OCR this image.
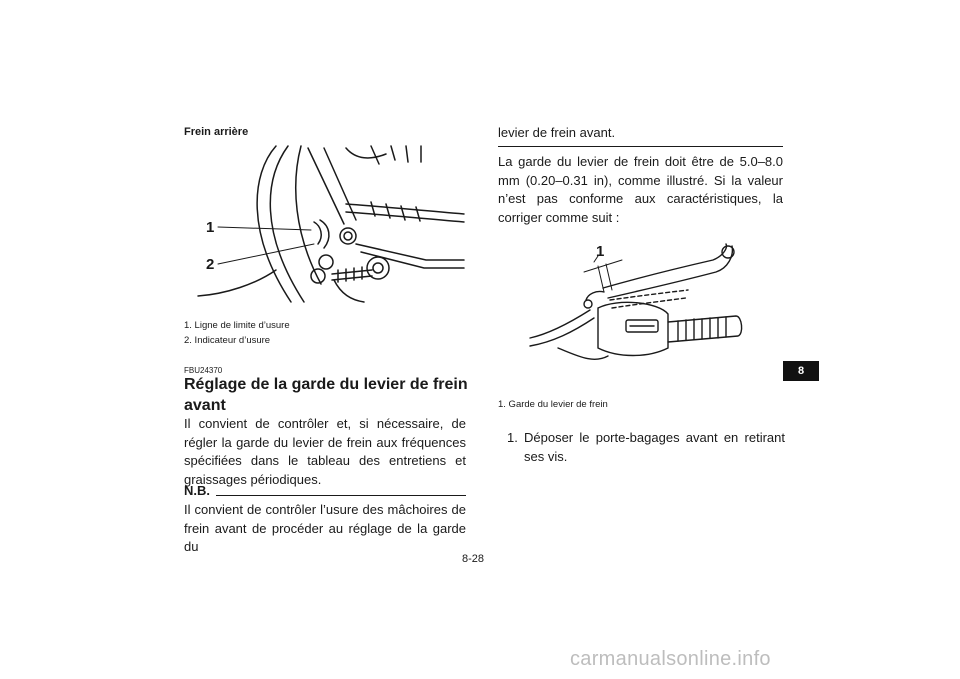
Frein arrière
1
2
1. Ligne de limite d’usure
2. Indicateur d’usure
FBU24370
Réglage de la garde du levier de frein avant
Il convient de contrôler et, si nécessaire, de régler la garde du levier de frein aux fréquences spécifiées dans le tableau des entretiens et graissages périodiques.
N.B.
Il convient de contrôler l’usure des mâchoires de frein avant de procéder au réglage de la garde du
levier de frein avant.
La garde du levier de frein doit être de 5.0–8.0 mm (0.20–0.31 in), comme illustré. Si la valeur n’est pas conforme aux caractéristiques, la corriger comme suit :
1
1. Garde du levier de frein
1. Déposer le porte-bagages avant en retirant ses vis.
8
8-28
carmanualsonline.info
